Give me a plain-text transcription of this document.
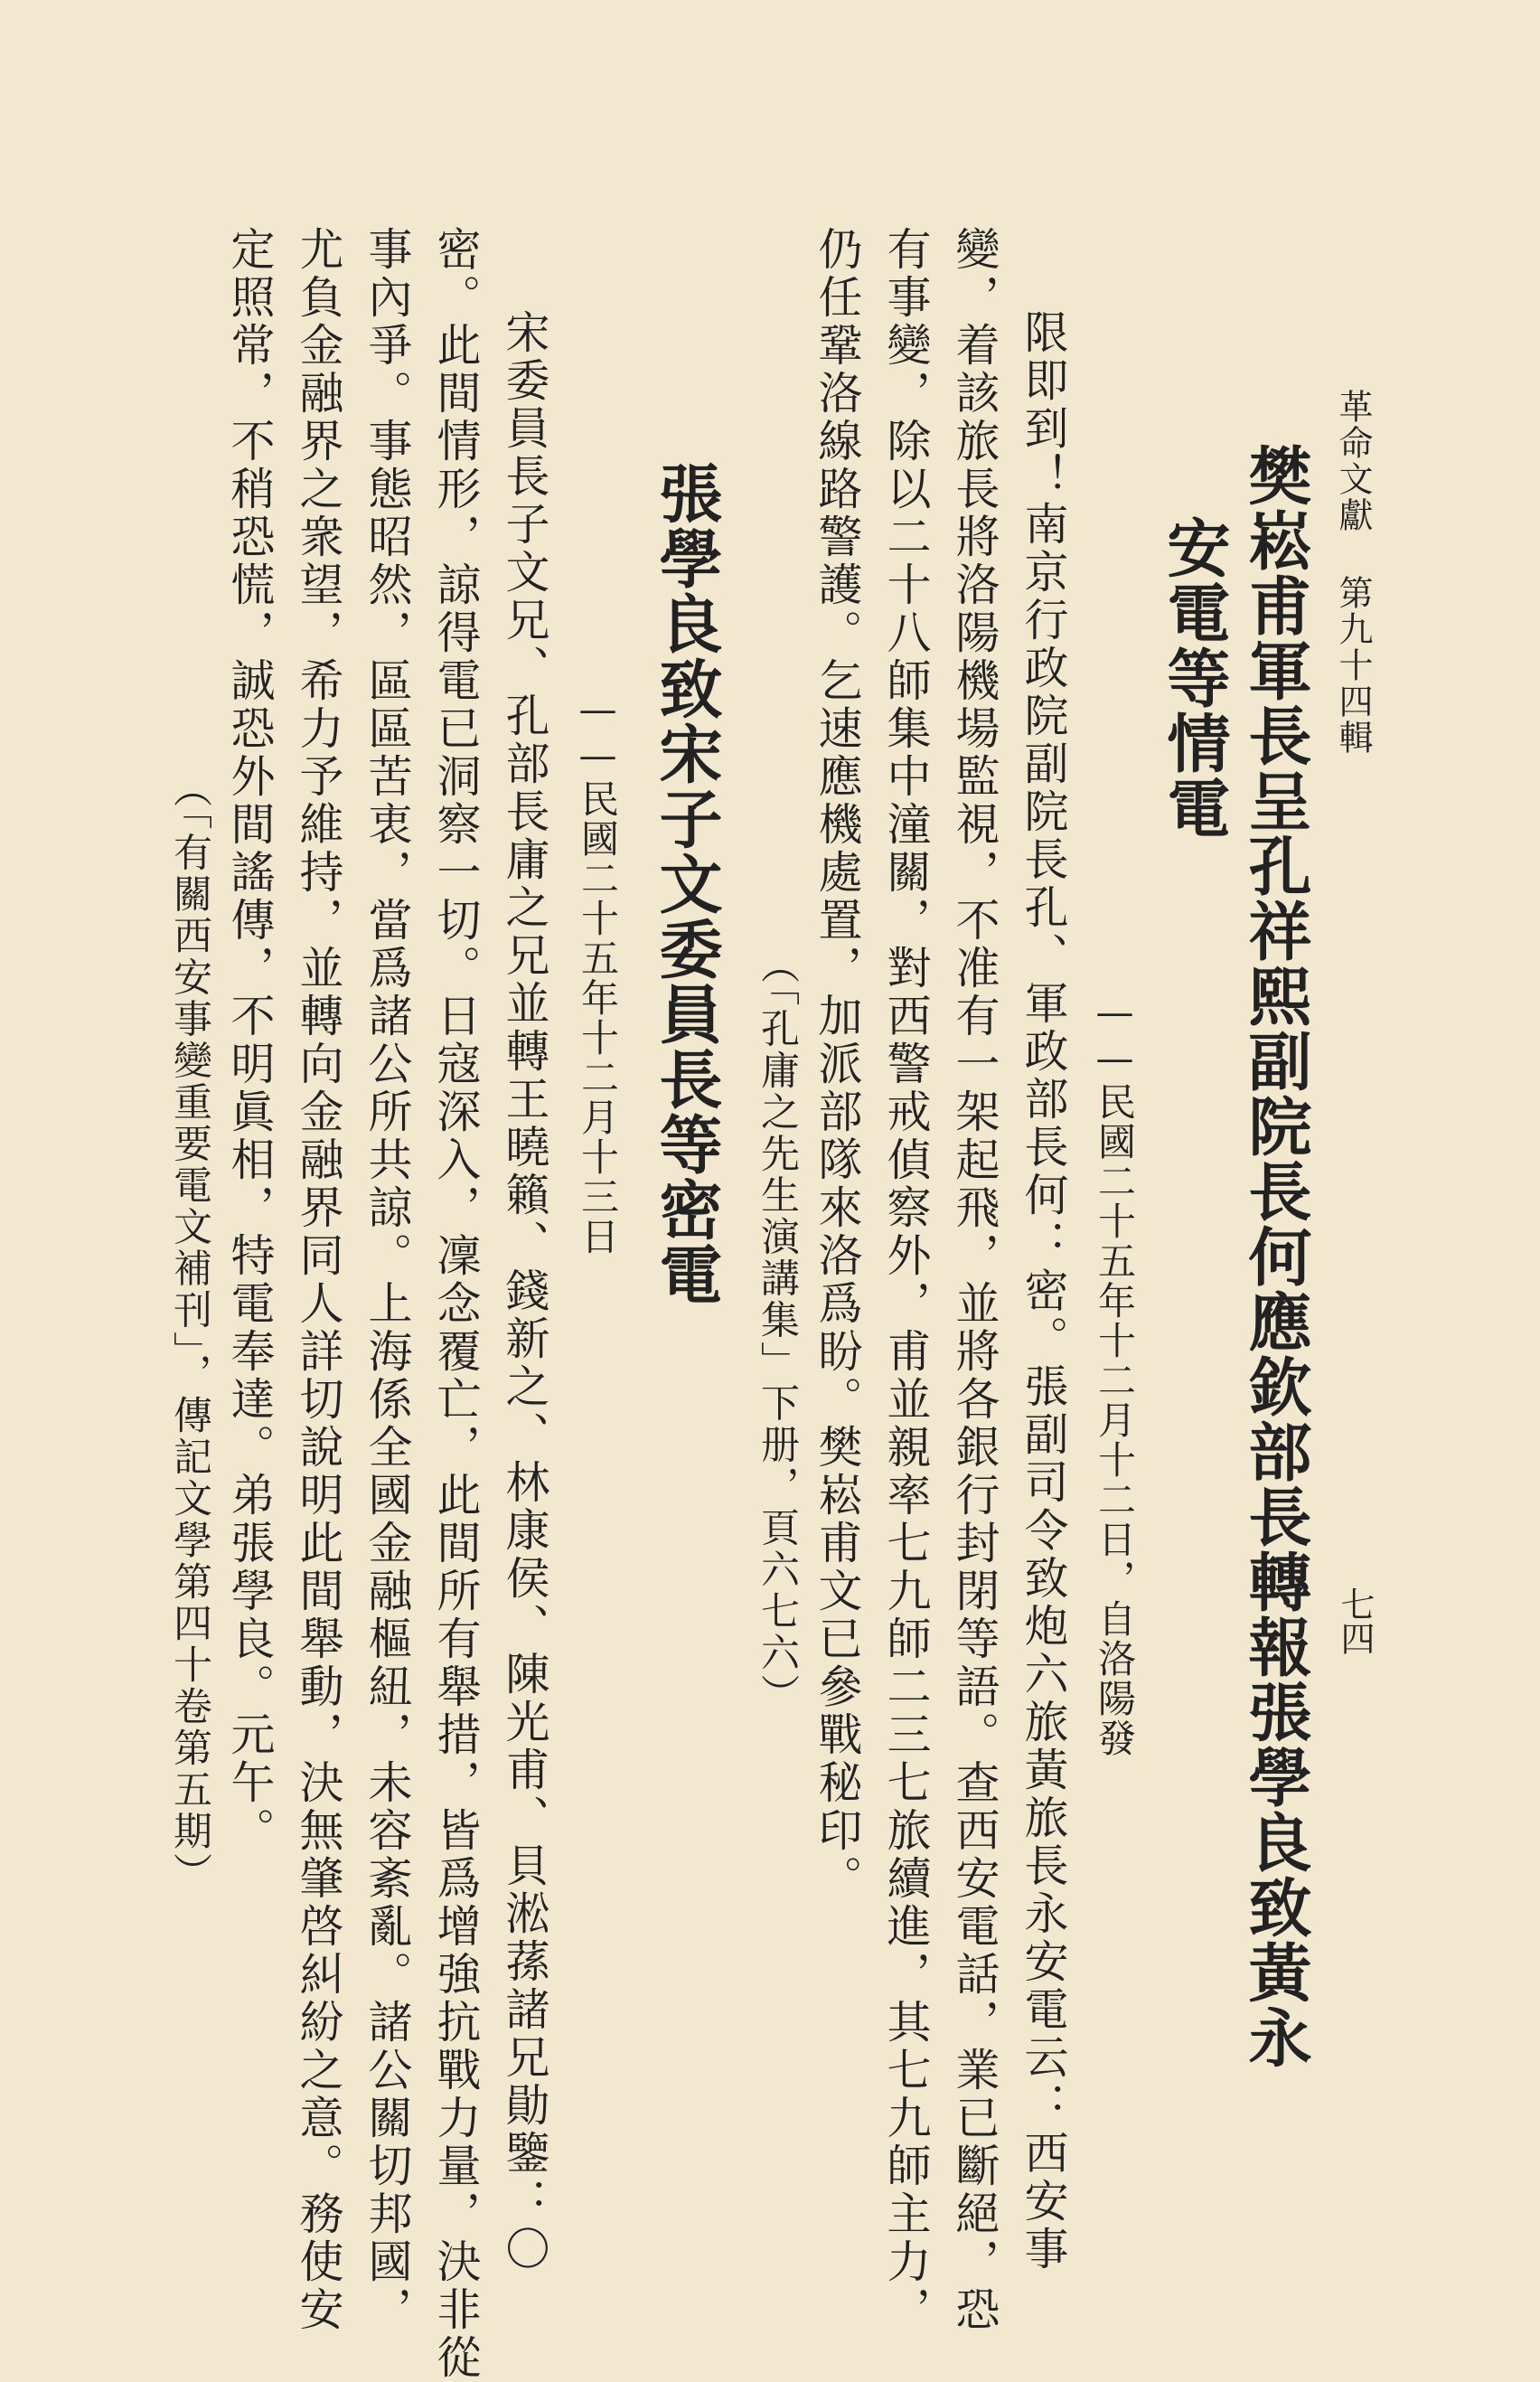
革命文獻 第九十四輯
七四
樊崧甫軍長呈孔祥熙副院長何應欽部長轉報張學良致黃永
安電等情電
——民國二十五年十二月十二日，自洛陽發
限即到！南京行政院副院長孔、軍政部長何：密。張副司令致炮六旅黃旅長永安電云：西安事
變，着該旅長將洛陽機場監視，不准有一架起飛，並將各銀行封閉等語。查西安電話，業已斷絕，恐
有事變，除以二十八師集中潼關，對西警戒偵察外，甫並親率七九師二三七旅續進，其七九師主力，
仍任鞏洛線路警護。乞速應機處置，加派部隊來洛爲盼。樊崧甫文已參戰秘印。
（「孔庸之先生演講集」下册，頁六七六）
張學良致宋子文委員長等密電
——民國二十五年十二月十三日
宋委員長子文兄、孔部長庸之兄並轉王曉籟、錢新之、林康侯、陳光甫、貝淞蓀諸兄勛鑒：〇
密。此間情形，諒得電已洞察一切。日寇深入，凜念覆亡，此間所有舉措，皆爲增強抗戰力量，決非從
事內爭。事態昭然，區區苦衷，當爲諸公所共諒。上海係全國金融樞紐，未容紊亂。諸公關切邦國，
尤負金融界之衆望，希力予維持，並轉向金融界同人詳切說明此間舉動，決無肇啓糾紛之意。務使安
定照常，不稍恐慌，誠恐外間謠傳，不明眞相，特電奉達。弟張學良。元午。
（「有關西安事變重要電文補刊」，傳記文學第四十卷第五期）
